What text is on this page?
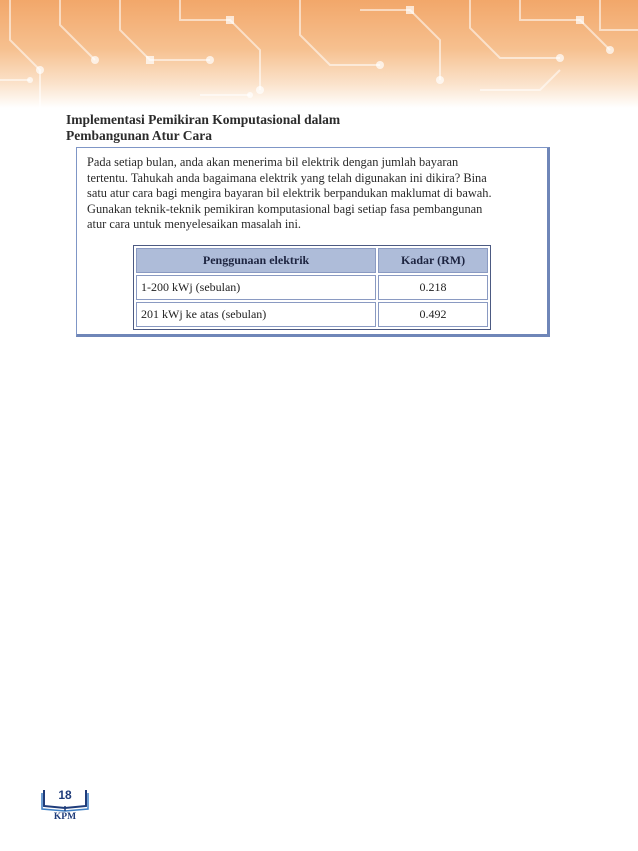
Implementasi Pemikiran Komputasional dalam
Pembangunan Atur Cara
Pada setiap bulan, anda akan menerima bil elektrik dengan jumlah bayaran
tertentu. Tahukah anda bagaimana elektrik yang telah digunakan ini dikira? Bina
satu atur cara bagi mengira bayaran bil elektrik berpandukan maklumat di bawah.
Gunakan teknik-teknik pemikiran komputasional bagi setiap fasa pembangunan
atur cara untuk menyelesaikan masalah ini.
Penggunaan elektrik	Kadar (RM)
1-200 kWj (sebulan)	0.218
201 kWj ke atas (sebulan)	0.492
18
KPM
